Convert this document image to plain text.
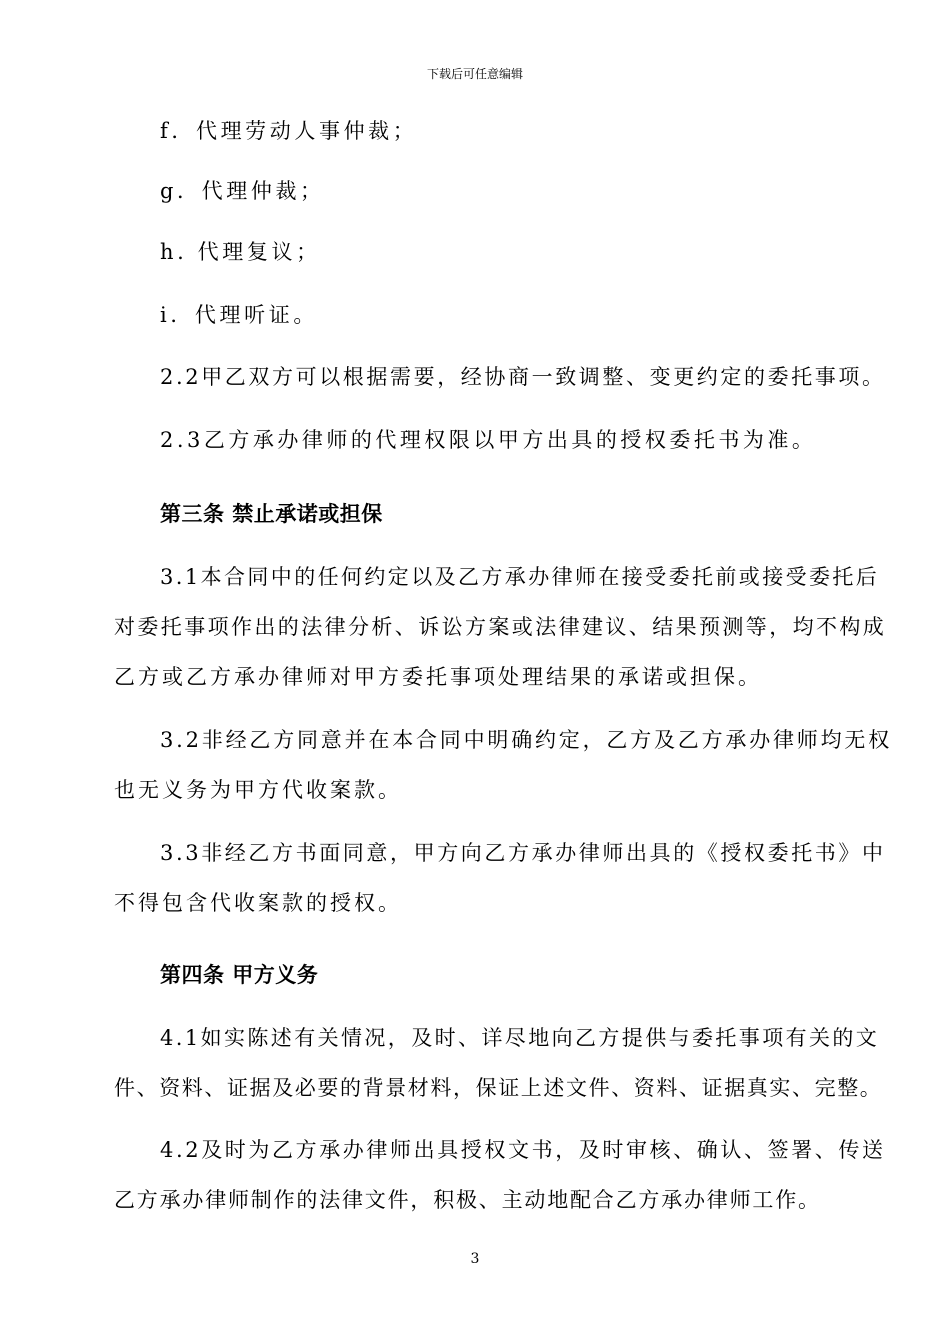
下载后可任意编辑
f．代理劳动人事仲裁；
g．代理仲裁；
h. 代理复议；
i．代理听证。
2.2甲乙双方可以根据需要，经协商一致调整、变更约定的委托事项。
2.3乙方承办律师的代理权限以甲方出具的授权委托书为准。
第三条 禁止承诺或担保
3.1本合同中的任何约定以及乙方承办律师在接受委托前或接受委托后
对委托事项作出的法律分析、诉讼方案或法律建议、结果预测等，均不构成
乙方或乙方承办律师对甲方委托事项处理结果的承诺或担保。
3.2非经乙方同意并在本合同中明确约定，乙方及乙方承办律师均无权
也无义务为甲方代收案款。
3.3非经乙方书面同意，甲方向乙方承办律师出具的《授权委托书》中
不得包含代收案款的授权。
第四条 甲方义务
4.1如实陈述有关情况，及时、详尽地向乙方提供与委托事项有关的文
件、资料、证据及必要的背景材料，保证上述文件、资料、证据真实、完整。
4.2及时为乙方承办律师出具授权文书，及时审核、确认、签署、传送
乙方承办律师制作的法律文件，积极、主动地配合乙方承办律师工作。
3
